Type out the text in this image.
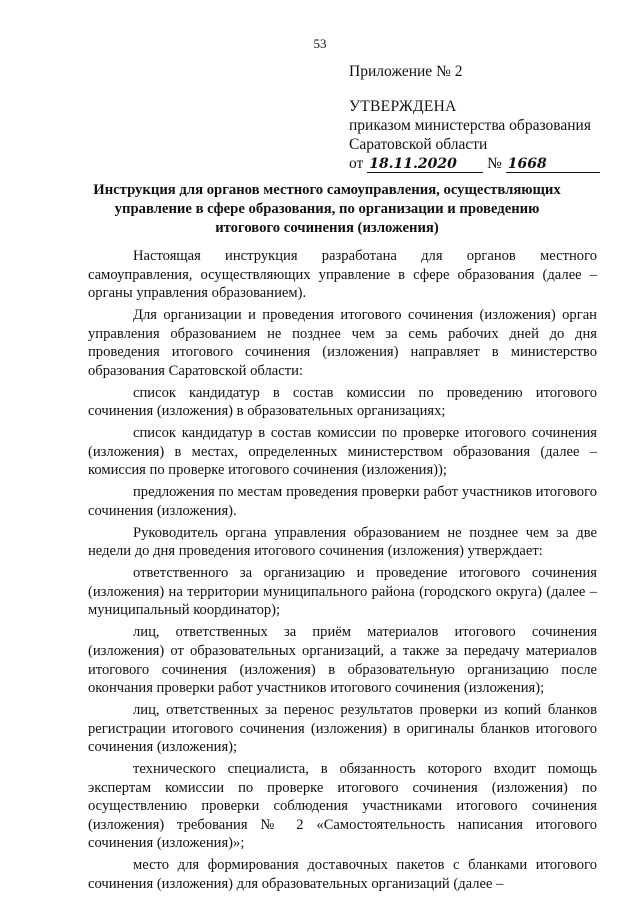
53
Приложение № 2
УТВЕРЖДЕНА
приказом министерства образования
Саратовской области
от 18.11.2020 № 1668
Инструкция для органов местного самоуправления, осуществляющих управление в сфере образования, по организации и проведению итогового сочинения (изложения)

Настоящая инструкция разработана для органов местного самоуправления, осуществляющих управление в сфере образования (далее – органы управления образованием).

Для организации и проведения итогового сочинения (изложения) орган управления образованием не позднее чем за семь рабочих дней до дня проведения итогового сочинения (изложения) направляет в министерство образования Саратовской области:

список кандидатур в состав комиссии по проведению итогового сочинения (изложения) в образовательных организациях;

список кандидатур в состав комиссии по проверке итогового сочинения (изложения) в местах, определенных министерством образования (далее – комиссия по проверке итогового сочинения (изложения));

предложения по местам проведения проверки работ участников итогового сочинения (изложения).

Руководитель органа управления образованием не позднее чем за две недели до дня проведения итогового сочинения (изложения) утверждает:

ответственного за организацию и проведение итогового сочинения (изложения) на территории муниципального района (городского округа) (далее – муниципальный координатор);

лиц, ответственных за приём материалов итогового сочинения (изложения) от образовательных организаций, а также за передачу материалов итогового сочинения (изложения) в образовательную организацию после окончания проверки работ участников итогового сочинения (изложения);

лиц, ответственных за перенос результатов проверки из копий бланков регистрации итогового сочинения (изложения) в оригиналы бланков итогового сочинения (изложения);

технического специалиста, в обязанность которого входит помощь экспертам комиссии по проверке итогового сочинения (изложения) по осуществлению проверки соблюдения участниками итогового сочинения (изложения) требования № 2 «Самостоятельность написания итогового сочинения (изложения)»;

место для формирования доставочных пакетов с бланками итогового сочинения (изложения) для образовательных организаций (далее –
